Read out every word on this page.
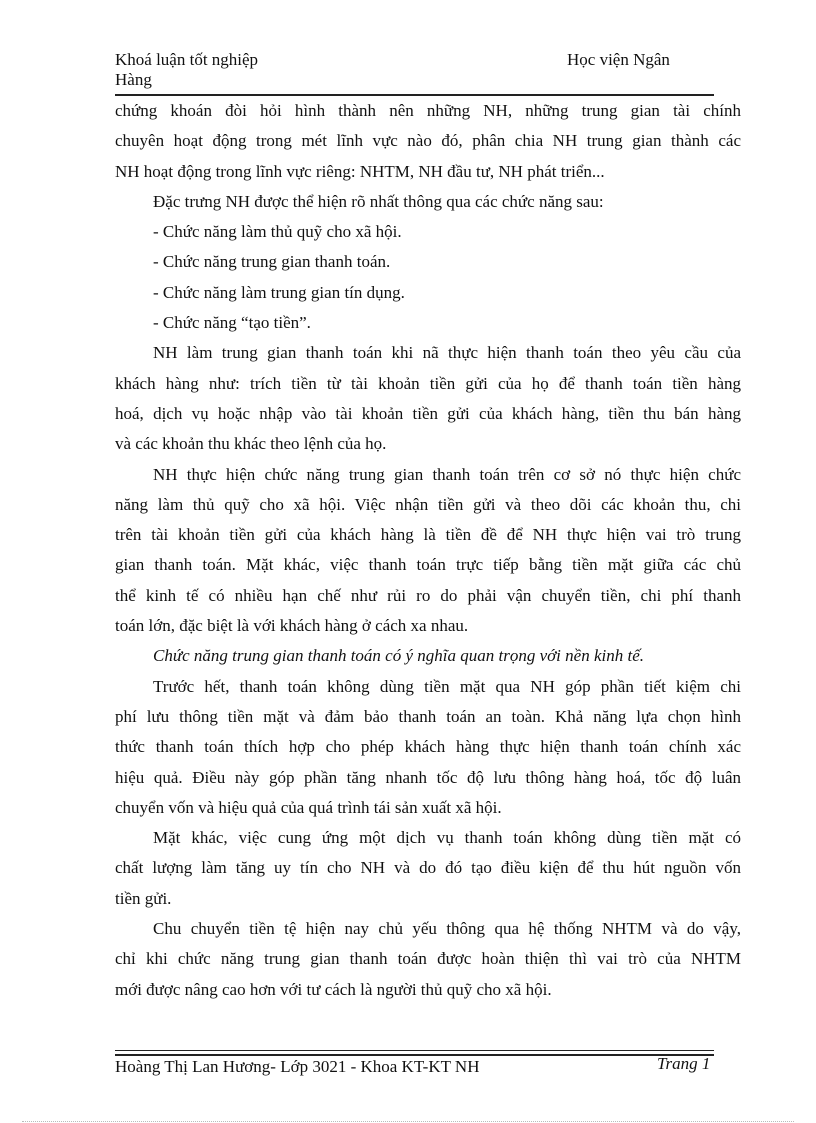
Khoá luận tốt nghiệp
Hàng
Học viện Ngân
chứng khoán đòi hỏi hình thành nên những NH, những trung gian tài chính
chuyên hoạt động trong mét lĩnh vực nào đó, phân chia NH trung gian thành các
NH hoạt động trong lĩnh vực riêng: NHTM, NH đầu tư, NH phát triển...
Đặc trưng NH được thể hiện rõ nhất thông qua các chức năng sau:
- Chức năng làm thủ quỹ cho xã hội.
- Chức năng trung gian thanh toán.
- Chức năng làm trung gian tín dụng.
- Chức năng “tạo tiền”.
NH làm trung gian thanh toán khi nã thực hiện thanh toán theo yêu cầu của
khách hàng như: trích tiền từ tài khoản tiền gửi của họ để thanh toán tiền hàng
hoá, dịch vụ hoặc nhập vào tài khoản tiền gửi của khách hàng, tiền thu bán hàng
và các khoản thu khác theo lệnh của họ.
NH thực hiện chức năng trung gian thanh toán trên cơ sở nó thực hiện chức
năng làm thủ quỹ cho xã hội. Việc nhận tiền gửi và theo dõi các khoản thu, chi
trên tài khoản tiền gửi của khách hàng là tiền đề để NH thực hiện vai trò trung
gian thanh toán. Mặt khác, việc thanh toán trực tiếp bằng tiền mặt giữa các chủ
thể kinh tế có nhiều hạn chế như rủi ro do phải vận chuyển tiền, chi phí thanh
toán lớn, đặc biệt là với khách hàng ở cách xa nhau.
Chức năng trung gian thanh toán có ý nghĩa quan trọng với nền kinh tế.
Trước hết, thanh toán không dùng tiền mặt qua NH góp phần tiết kiệm chi
phí lưu thông tiền mặt và đảm bảo thanh toán an toàn. Khả năng lựa chọn hình
thức thanh toán thích hợp cho phép khách hàng thực hiện thanh toán chính xác
hiệu quả. Điều này góp phần tăng nhanh tốc độ lưu thông hàng hoá, tốc độ luân
chuyển vốn và hiệu quả của quá trình tái sản xuất xã hội.
Mặt khác, việc cung ứng một dịch vụ thanh toán không dùng tiền mặt có
chất lượng làm tăng uy tín cho NH và do đó tạo điều kiện để thu hút nguồn vốn
tiền gửi.
Chu chuyển tiền tệ hiện nay chủ yếu thông qua hệ thống NHTM và do vậy,
chỉ khi chức năng trung gian thanh toán được hoàn thiện thì vai trò của NHTM
mới được nâng cao hơn với tư cách là người thủ quỹ cho xã hội.
Hoàng Thị Lan Hương- Lớp 3021 - Khoa KT-KT NH	Trang 1
